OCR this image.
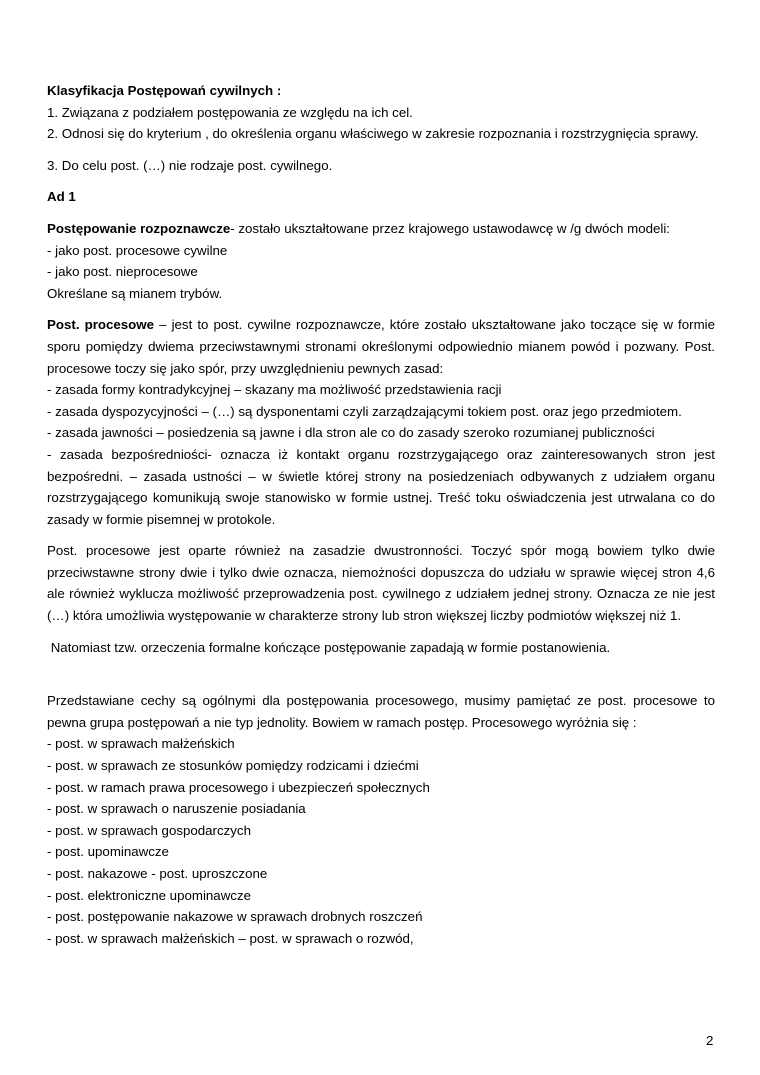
Klasyfikacja Postępowań cywilnych :

1. Związana z podziałem postępowania ze względu na ich cel.

2. Odnosi się do kryterium , do określenia organu właściwego w zakresie rozpoznania i rozstrzygnięcia sprawy.

3. Do celu post. (…) nie rodzaje post. cywilnego.

Ad 1

Postępowanie rozpoznawcze- zostało ukształtowane przez krajowego ustawodawcę w /g dwóch modeli:

- jako post. procesowe cywilne

- jako post. nieprocesowe

Określane są mianem trybów.

Post. procesowe – jest to post. cywilne rozpoznawcze, które zostało ukształtowane jako toczące się w formie sporu pomiędzy dwiema przeciwstawnymi stronami określonymi odpowiednio mianem powód i pozwany. Post. procesowe toczy się jako spór, przy uwzględnieniu pewnych zasad:

- zasada formy kontradykcyjnej – skazany ma możliwość przedstawienia racji

- zasada dyspozycyjności – (…) są dysponentami czyli zarządzającymi tokiem post. oraz jego przedmiotem.

- zasada jawności – posiedzenia są jawne i dla stron ale co do zasady szeroko rozumianej publiczności

- zasada bezpośredniości- oznacza iż kontakt organu rozstrzygającego oraz zainteresowanych stron jest bezpośredni. – zasada ustności – w świetle której strony na posiedzeniach odbywanych z udziałem organu rozstrzygającego komunikują swoje stanowisko w formie ustnej. Treść toku oświadczenia jest utrwalana co do zasady w formie pisemnej w protokole.

Post. procesowe jest oparte również na zasadzie dwustronności. Toczyć spór mogą bowiem tylko dwie przeciwstawne strony dwie i tylko dwie oznacza, niemożności dopuszcza do udziału w sprawie więcej stron 4,6 ale również wyklucza możliwość przeprowadzenia post. cywilnego z udziałem jednej strony. Oznacza ze nie jest (…) która umożliwia występowanie w charakterze strony lub stron większej liczby podmiotów większej niż 1.

Natomiast tzw. orzeczenia formalne kończące postępowanie zapadają w formie postanowienia.

Przedstawiane cechy są ogólnymi dla postępowania procesowego, musimy pamiętać ze post. procesowe to pewna grupa postępowań a nie typ jednolity. Bowiem w ramach postęp. Procesowego wyróżnia się :

- post. w sprawach małżeńskich

- post. w sprawach ze stosunków pomiędzy rodzicami i dziećmi

- post. w ramach prawa procesowego i ubezpieczeń społecznych

- post. w sprawach o naruszenie posiadania

- post. w sprawach gospodarczych

- post. upominawcze

- post. nakazowe - post. uproszczone

- post. elektroniczne upominawcze

- post. postępowanie nakazowe w sprawach drobnych roszczeń

- post. w sprawach małżeńskich – post. w sprawach o rozwód,

2
